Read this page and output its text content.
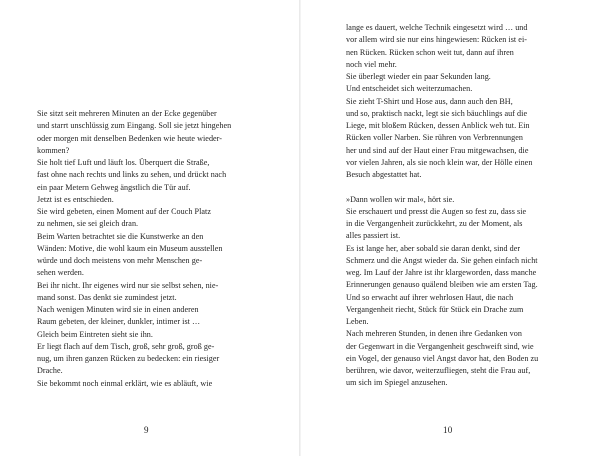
Sie sitzt seit mehreren Minuten an der Ecke gegenüber
und starrt unschlüssig zum Eingang. Soll sie jetzt hingehen
oder morgen mit denselben Bedenken wie heute wieder-
kommen?
Sie holt tief Luft und läuft los. Überquert die Straße,
fast ohne nach rechts und links zu sehen, und drückt nach
ein paar Metern Gehweg ängstlich die Tür auf.
Jetzt ist es entschieden.
Sie wird gebeten, einen Moment auf der Couch Platz
zu nehmen, sie sei gleich dran.
Beim Warten betrachtet sie die Kunstwerke an den
Wänden: Motive, die wohl kaum ein Museum ausstellen
würde und doch meistens von mehr Menschen ge-
sehen werden.
Bei ihr nicht. Ihr eigenes wird nur sie selbst sehen, nie-
mand sonst. Das denkt sie zumindest jetzt.
Nach wenigen Minuten wird sie in einen anderen
Raum gebeten, der kleiner, dunkler, intimer ist …
Gleich beim Eintreten sieht sie ihn.
Er liegt flach auf dem Tisch, groß, sehr groß, groß ge-
nug, um ihren ganzen Rücken zu bedecken: ein riesiger
Drache.
Sie bekommt noch einmal erklärt, wie es abläuft, wie
9
lange es dauert, welche Technik eingesetzt wird … und
vor allem wird sie nur eins hingewiesen: Rücken ist ei-
nen Rücken. Rücken schon weit tut, dann auf ihren
noch viel mehr.
Sie überlegt wieder ein paar Sekunden lang.
Und entscheidet sich weiterzumachen.
Sie zieht T-Shirt und Hose aus, dann auch den BH,
und so, praktisch nackt, legt sie sich bäuchlings auf die
Liege, mit bloßem Rücken, dessen Anblick weh tut. Ein
Rücken voller Narben. Sie rühren von Verbrennungen
her und sind auf der Haut einer Frau mitgewachsen, die
vor vielen Jahren, als sie noch klein war, der Hölle einen
Besuch abgestattet hat.

»Dann wollen wir mal«, hört sie.
Sie erschauert und presst die Augen so fest zu, dass sie
in die Vergangenheit zurückkehrt, zu der Moment, als
alles passiert ist.
Es ist lange her, aber sobald sie daran denkt, sind der
Schmerz und die Angst wieder da. Sie gehen einfach nicht
weg. Im Lauf der Jahre ist ihr klargeworden, dass manche
Erinnerungen genauso quälend bleiben wie am ersten Tag.
Und so erwacht auf ihrer wehrlosen Haut, die nach
Vergangenheit riecht, Stück für Stück ein Drache zum
Leben.
Nach mehreren Stunden, in denen ihre Gedanken von
der Gegenwart in die Vergangenheit geschweift sind, wie
ein Vogel, der genauso viel Angst davor hat, den Boden zu
berühren, wie davor, weiterzufliegen, steht die Frau auf,
um sich im Spiegel anzusehen.
10
